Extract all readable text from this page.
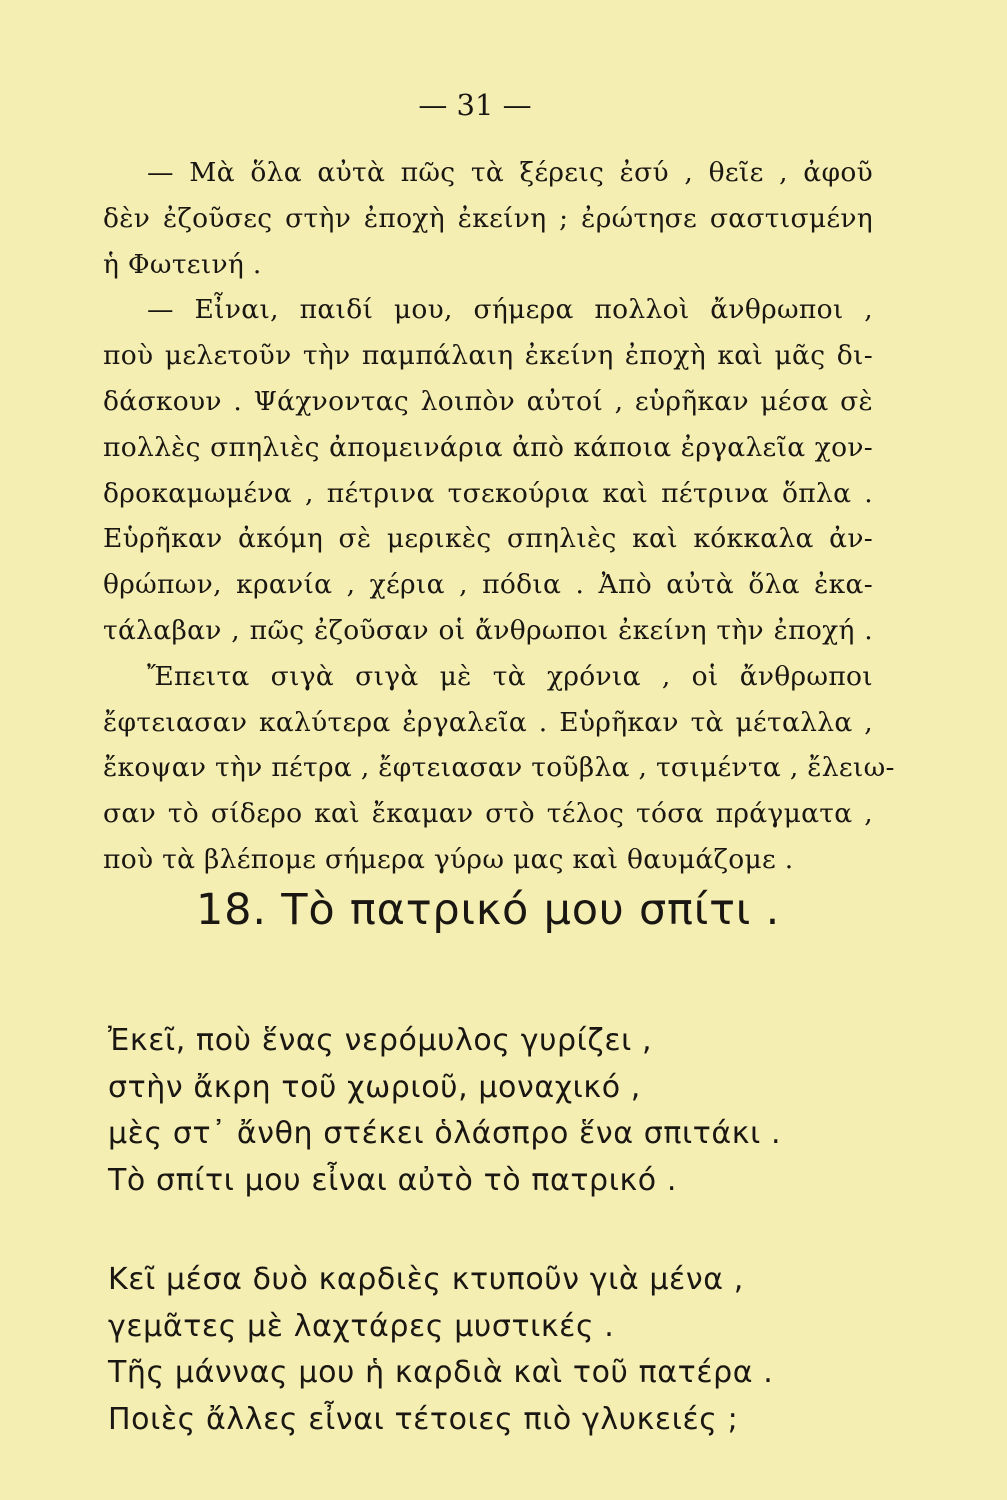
— 31 —
— Μὰ ὅλα αὐτὰ πῶς τὰ ξέρεις ἐσύ , θεῖε , ἀφοῦ
δὲν ἐζοῦσες στὴν ἐποχὴ ἐκείνη ; ἐρώτησε σαστισμένη
ἡ Φωτεινή .
— Εἶναι, παιδί μου, σήμερα πολλοὶ ἄνθρωποι ,
ποὺ μελετοῦν τὴν παμπάλαιη ἐκείνη ἐποχὴ καὶ μᾶς δι-
δάσκουν . Ψάχνοντας λοιπὸν αὐτοί , εὑρῆκαν μέσα σὲ
πολλὲς σπηλιὲς ἀπομεινάρια ἀπὸ κάποια ἐργαλεῖα χον-
δροκαμωμένα , πέτρινα τσεκούρια καὶ πέτρινα ὅπλα .
Εὑρῆκαν ἀκόμη σὲ μερικὲς σπηλιὲς καὶ κόκκαλα ἀν-
θρώπων, κρανία , χέρια , πόδια . Ἀπὸ αὐτὰ ὅλα ἐκα-
τάλαβαν , πῶς ἐζοῦσαν οἱ ἄνθρωποι ἐκείνη τὴν ἐποχή .
Ἔπειτα σιγὰ σιγὰ μὲ τὰ χρόνια , οἱ ἄνθρωποι
ἔφτειασαν καλύτερα ἐργαλεῖα . Εὑρῆκαν τὰ μέταλλα ,
ἔκοψαν τὴν πέτρα , ἔφτειασαν τοῦβλα , τσιμέντα , ἔλειω-
σαν τὸ σίδερο καὶ ἔκαμαν στὸ τέλος τόσα πράγματα ,
ποὺ τὰ βλέπομε σήμερα γύρω μας καὶ θαυμάζομε .
18. Τὸ πατρικό μου σπίτι .
Ἐκεῖ, ποὺ ἕνας νερόμυλος γυρίζει ,
στὴν ἄκρη τοῦ χωριοῦ, μοναχικό ,
μὲς στ᾿ ἄνθη στέκει ὁλάσπρο ἕνα σπιτάκι .
Τὸ σπίτι μου εἶναι αὐτὸ τὸ πατρικό .
Κεῖ μέσα δυὸ καρδιὲς κτυποῦν γιὰ μένα ,
γεμᾶτες μὲ λαχτάρες μυστικές .
Τῆς μάννας μου ἡ καρδιὰ καὶ τοῦ πατέρα .
Ποιὲς ἄλλες εἶναι τέτοιες πιὸ γλυκειές ;
